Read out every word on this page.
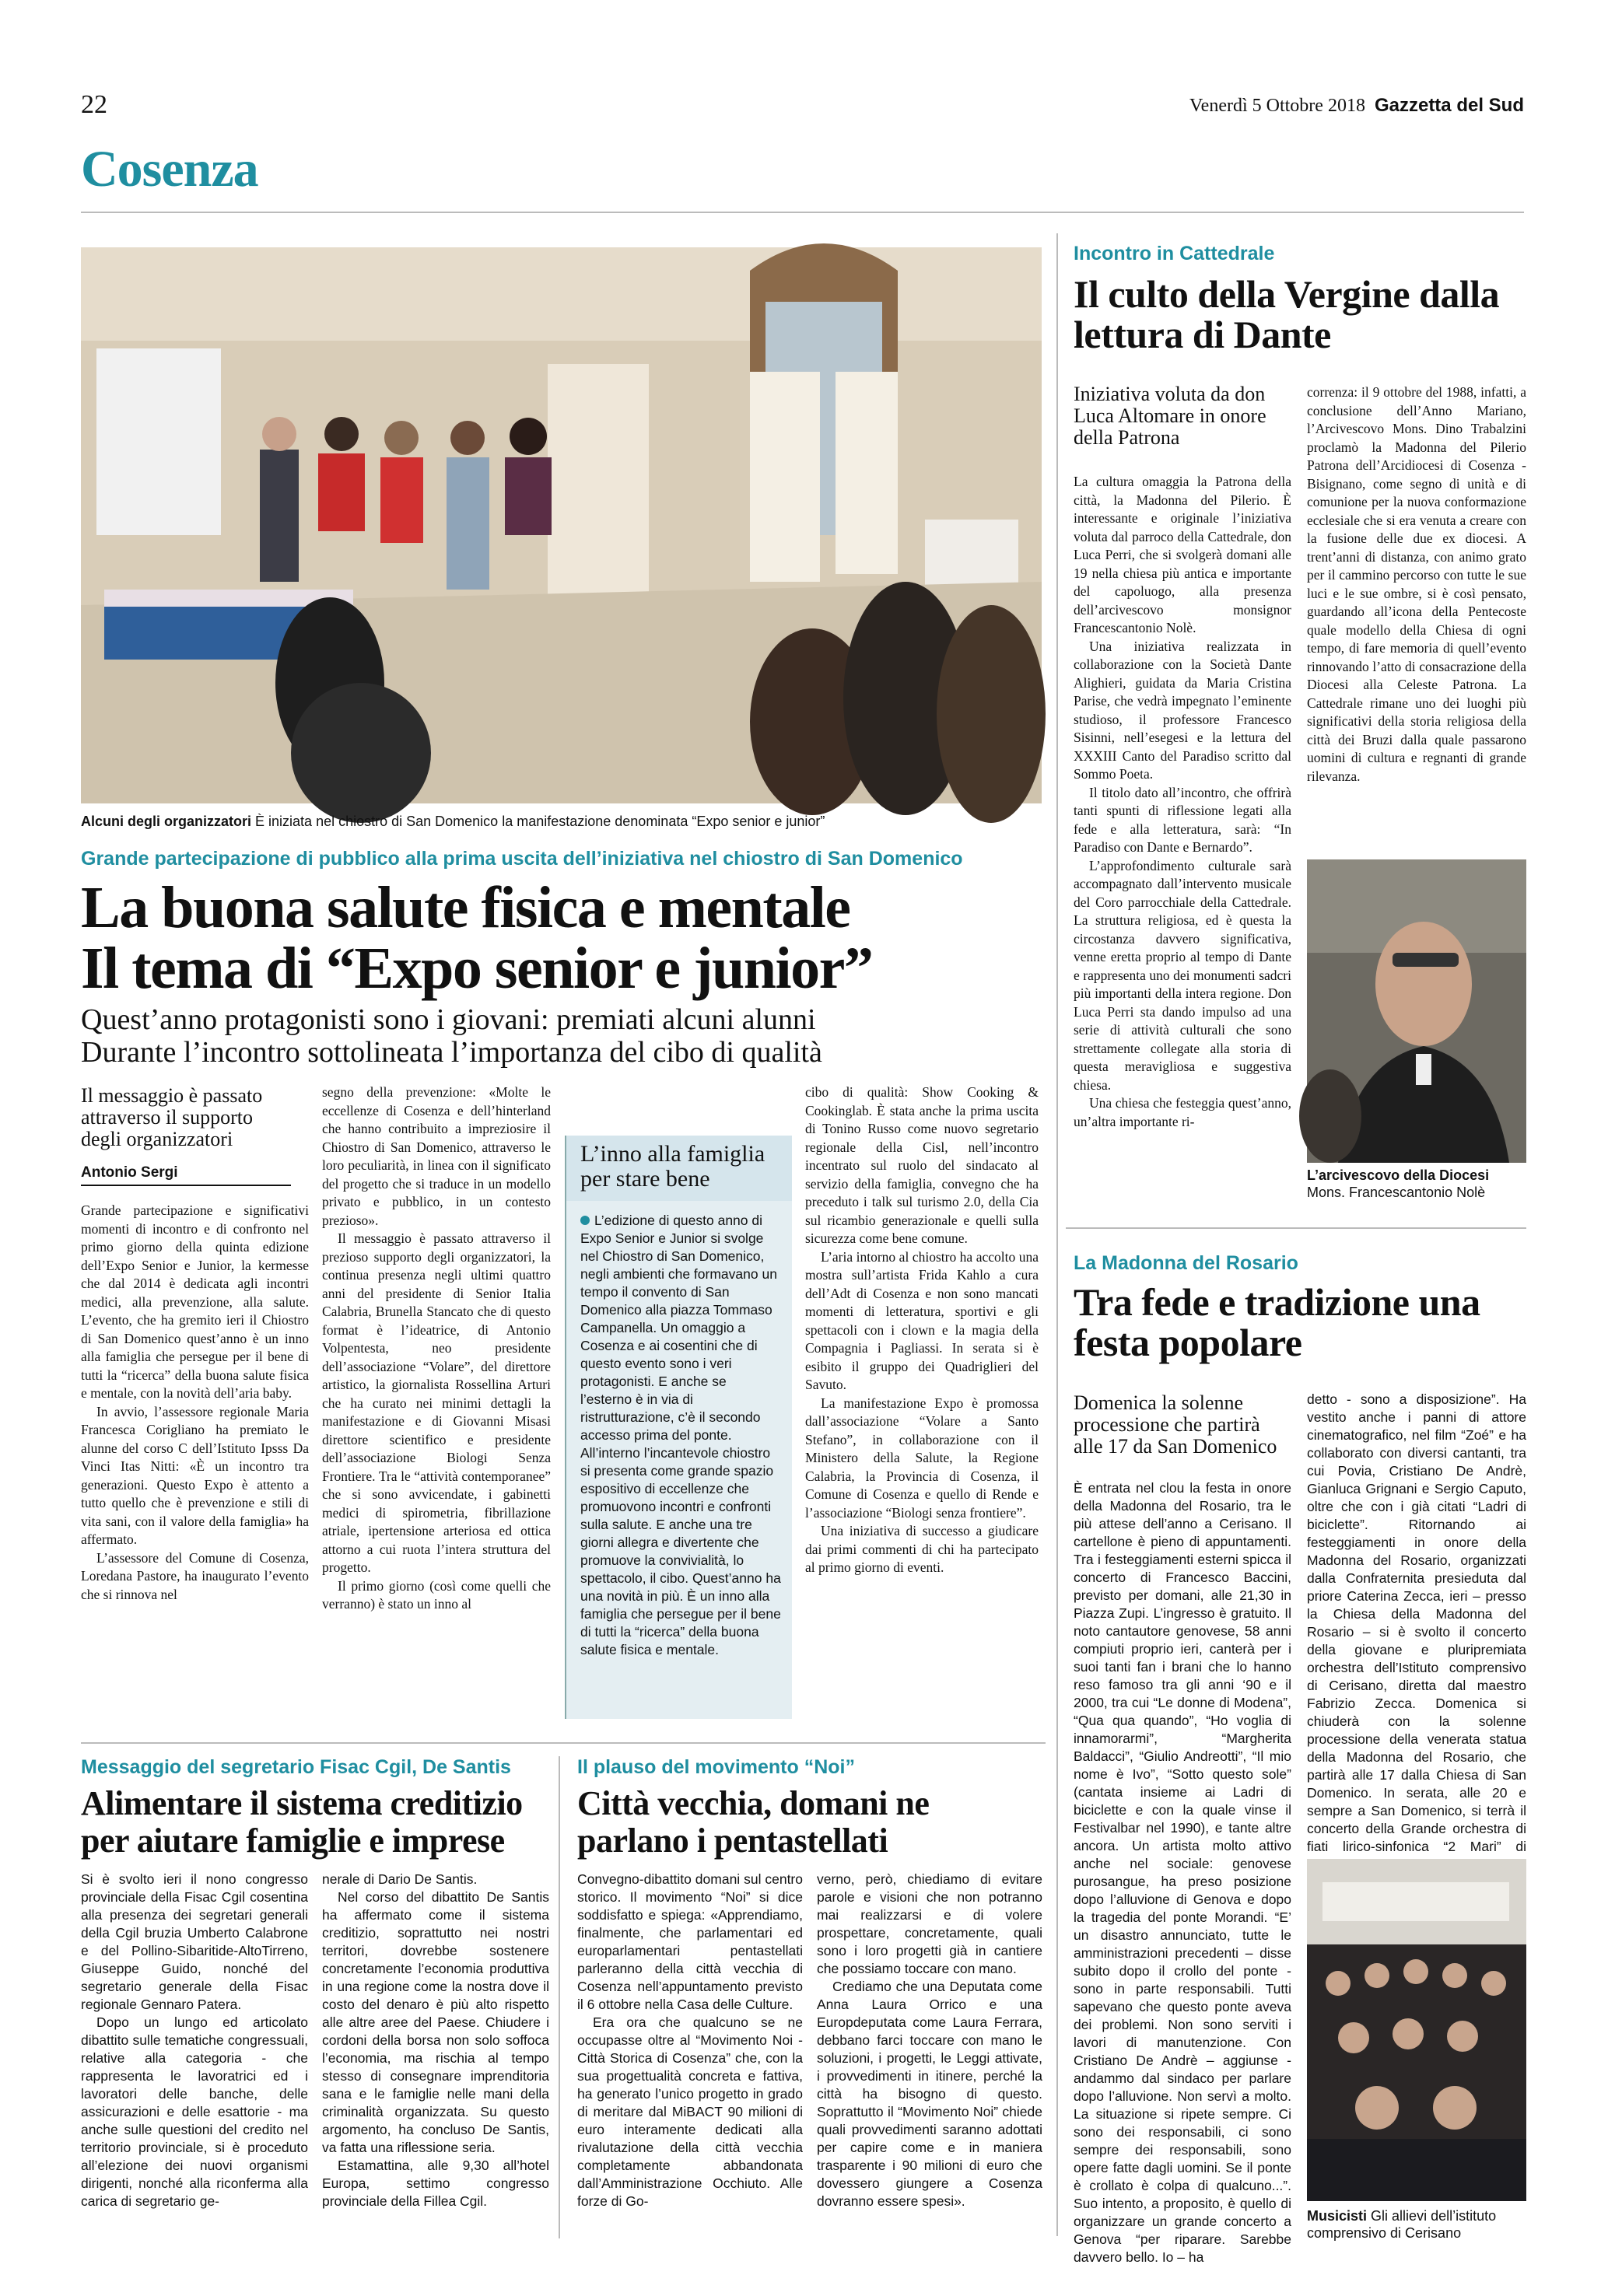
22	Venerdì 5 Ottobre 2018 Gazzetta del Sud
Cosenza
Alcuni degli organizzatori È iniziata nel chiostro di San Domenico la manifestazione denominata “Expo senior e junior”
Grande partecipazione di pubblico alla prima uscita dell’iniziativa nel chiostro di San Domenico
La buona salute fisica e mentale
Il tema di “Expo senior e junior”
Quest’anno protagonisti sono i giovani: premiati alcuni alunni
Durante l’incontro sottolineata l’importanza del cibo di qualità
Il messaggio è passato attraverso il supporto degli organizzatori
Antonio Sergi

Grande partecipazione e significativi momenti di incontro e di confronto nel primo giorno della quinta edizione dell’Expo Senior e Junior, la kermesse che dal 2014 è dedicata agli incontri medici, alla prevenzione, alla salute. L’evento, che ha gremito ieri il Chiostro di San Domenico quest’anno è un inno alla famiglia che persegue per il bene di tutti la “ricerca” della buona salute fisica e mentale, con la novità dell’aria baby.

In avvio, l’assessore regionale Maria Francesca Corigliano ha premiato le alunne del corso C dell’Istituto Ipsss Da Vinci Itas Nitti: «È un incontro tra generazioni. Questo Expo è attento a tutto quello che è prevenzione e stili di vita sani, con il valore della famiglia» ha affermato.

L’assessore del Comune di Cosenza, Loredana Pastore, ha inaugurato l’evento che si rinnova nel

segno della prevenzione: «Molte le eccellenze di Cosenza e dell’hinterland che hanno contribuito a impreziosire il Chiostro di San Domenico, attraverso le loro peculiarità, in linea con il significato del progetto che si traduce in un modello privato e pubblico, in un contesto prezioso».

Il messaggio è passato attraverso il prezioso supporto degli organizzatori, la continua presenza negli ultimi quattro anni del presidente di Senior Italia Calabria, Brunella Stancato che di questo format è l’ideatrice, di Antonio Volpentesta, neo presidente dell’associazione “Volare”, del direttore artistico, la giornalista Rossellina Arturi che ha curato nei minimi dettagli la manifestazione e di Giovanni Misasi direttore scientifico e presidente dell’associazione Biologi Senza Frontiere. Tra le “attività contemporanee” che si sono avvicendate, i gabinetti medici di spirometria, fibrillazione atriale, ipertensione arteriosa ed ottica attorno a cui ruota l’intera struttura del progetto.

Il primo giorno (così come quelli che verranno) è stato un inno al

L’inno alla famiglia per stare bene
L’edizione di questo anno di Expo Senior e Junior si svolge nel Chiostro di San Domenico, negli ambienti che formavano un tempo il convento di San Domenico alla piazza Tommaso Campanella. Un omaggio a Cosenza e ai cosentini che di questo evento sono i veri protagonisti. E anche se l’esterno è in via di ristrutturazione, c’è il secondo accesso prima del ponte. All’interno l’incantevole chiostro si presenta come grande spazio espositivo di eccellenze che promuovono incontri e confronti sulla salute. E anche una tre giorni allegra e divertente che promuove la convivialità, lo spettacolo, il cibo. Quest’anno ha una novità in più. È un inno alla famiglia che persegue per il bene di tutti la “ricerca” della buona salute fisica e mentale.

cibo di qualità: Show Cooking & Cookinglab. È stata anche la prima uscita di Tonino Russo come nuovo segretario regionale della Cisl, nell’incontro incentrato sul ruolo del sindacato al servizio della famiglia, convegno che ha preceduto i talk sul turismo 2.0, della Cia sul ricambio generazionale e quelli sulla sicurezza come bene comune.

L’aria intorno al chiostro ha accolto una mostra sull’artista Frida Kahlo a cura dell’Adt di Cosenza e non sono mancati momenti di letteratura, sportivi e gli spettacoli con i clown e la magia della Compagnia i Pagliassi. In serata si è esibito il gruppo dei Quadriglieri del Savuto.

La manifestazione Expo è promossa dall’associazione “Volare a Santo Stefano”, in collaborazione con il Ministero della Salute, la Regione Calabria, la Provincia di Cosenza, il Comune di Cosenza e quello di Rende e l’associazione “Biologi senza frontiere”.

Una iniziativa di successo a giudicare dai primi commenti di chi ha partecipato al primo giorno di eventi.

Incontro in Cattedrale
Il culto della Vergine dalla lettura di Dante
Iniziativa voluta da don Luca Altomare in onore della Patrona

La cultura omaggia la Patrona della città, la Madonna del Pilerio. È interessante e originale l’iniziativa voluta dal parroco della Cattedrale, don Luca Perri, che si svolgerà domani alle 19 nella chiesa più antica e importante del capoluogo, alla presenza dell’arcivescovo monsignor Francescantonio Nolè.

Una iniziativa realizzata in collaborazione con la Società Dante Alighieri, guidata da Maria Cristina Parise, che vedrà impegnato l’eminente studioso, il professore Francesco Sisinni, nell’esegesi e la lettura del XXXIII Canto del Paradiso scritto dal Sommo Poeta.

Il titolo dato all’incontro, che offrirà tanti spunti di riflessione legati alla fede e alla letteratura, sarà: “In Paradiso con Dante e Bernardo”.

L’approfondimento culturale sarà accompagnato dall’intervento musicale del Coro parrocchiale della Cattedrale. La struttura religiosa, ed è questa la circostanza davvero significativa, venne eretta proprio al tempo di Dante e rappresenta uno dei monumenti sadcri più importanti della intera regione. Don Luca Perri sta dando impulso ad una serie di attività culturali che sono strettamente collegate alla storia di questa meravigliosa e suggestiva chiesa.

Una chiesa che festeggia quest’anno, un’altra importante ri-

correnza: il 9 ottobre del 1988, infatti, a conclusione dell’Anno Mariano, l’Arcivescovo Mons. Dino Trabalzini proclamò la Madonna del Pilerio Patrona dell’Arcidiocesi di Cosenza - Bisignano, come segno di unità e di comunione per la nuova conformazione ecclesiale che si era venuta a creare con la fusione delle due ex diocesi. A trent’anni di distanza, con animo grato per il cammino percorso con tutte le sue luci e le sue ombre, si è così pensato, guardando all’icona della Pentecoste quale modello della Chiesa di ogni tempo, di fare memoria di quell’evento rinnovando l’atto di consacrazione della Diocesi alla Celeste Patrona. La Cattedrale rimane uno dei luoghi più significativi della storia religiosa della città dei Bruzi dalla quale passarono uomini di cultura e regnanti di grande rilevanza.

L’arcivescovo della Diocesi
Mons. Francescantonio Nolè
La Madonna del Rosario
Tra fede e tradizione una festa popolare
Domenica la solenne processione che partirà alle 17 da San Domenico

È entrata nel clou la festa in onore della Madonna del Rosario, tra le più attese dell’anno a Cerisano. Il cartellone è pieno di appuntamenti. Tra i festeggiamenti esterni spicca il concerto di Francesco Baccini, previsto per domani, alle 21,30 in Piazza Zupi. L’ingresso è gratuito. Il noto cantautore genovese, 58 anni compiuti proprio ieri, canterà per i suoi tanti fan i brani che lo hanno reso famoso tra gli anni ‘90 e il 2000, tra cui “Le donne di Modena”, “Qua qua quando”, “Ho voglia di innamorarmi”, “Margherita Baldacci”, “Giulio Andreotti”, “Il mio nome è Ivo”, “Sotto questo sole” (cantata insieme ai Ladri di biciclette e con la quale vinse il Festivalbar nel 1990), e tante altre ancora. Un artista molto attivo anche nel sociale: genovese purosangue, ha preso posizione dopo l’alluvione di Genova e dopo la tragedia del ponte Morandi. “E’ un disastro annunciato, tutte le amministrazioni precedenti – disse subito dopo il crollo del ponte - sono in parte responsabili. Tutti sapevano che questo ponte aveva dei problemi. Non sono serviti i lavori di manutenzione. Con Cristiano De Andrè – aggiunse - andammo dal sindaco per parlare dopo l’alluvione. Non servì a molto. La situazione si ripete sempre. Ci sono dei responsabili, ci sono sempre dei responsabili, sono opere fatte dagli uomini. Se il ponte è crollato è colpa di qualcuno...”. Suo intento, a proposito, è quello di organizzare un grande concerto a Genova “per riparare. Sarebbe davvero bello. Io – ha

detto - sono a disposizione”. Ha vestito anche i panni di attore cinematografico, nel film “Zoé” e ha collaborato con diversi cantanti, tra cui Povia, Cristiano De Andrè, Gianluca Grignani e Sergio Caputo, oltre che con i già citati “Ladri di biciclette”. Ritornando ai festeggiamenti in onore della Madonna del Rosario, organizzati dalla Confraternita presieduta dal priore Caterina Zecca, ieri – presso la Chiesa della Madonna del Rosario – si è svolto il concerto della giovane e pluripremiata orchestra dell’Istituto comprensivo di Cerisano, diretta dal maestro Fabrizio Zecca. Domenica si chiuderà con la solenne processione della venerata statua della Madonna del Rosario, che partirà alle 17 dalla Chiesa di San Domenico. In serata, alle 20 e sempre a San Domenico, si terrà il concerto della Grande orchestra di fiati lirico-sinfonica “2 Mari” di

Musicisti Gli allievi dell’istituto comprensivo di Cerisano
Messaggio del segretario Fisac Cgil, De Santis
Alimentare il sistema creditizio per aiutare famiglie e imprese

Si è svolto ieri il nono congresso provinciale della Fisac Cgil cosentina alla presenza dei segretari generali della Cgil bruzia Umberto Calabrone e del Pollino-Sibaritide-AltoTirreno, Giuseppe Guido, nonché del segretario generale della Fisac regionale Gennaro Patera.

Dopo un lungo ed articolato dibattito sulle tematiche congressuali, relative alla categoria - che rappresenta le lavoratrici ed i lavoratori delle banche, delle assicurazioni e delle esattorie - ma anche sulle questioni del credito nel territorio provinciale, si è proceduto all’elezione dei nuovi organismi dirigenti, nonché alla riconferma alla carica di segretario ge-

nerale di Dario De Santis.

Nel corso del dibattito De Santis ha affermato come il sistema creditizio, soprattutto nei nostri territori, dovrebbe sostenere concretamente l’economia produttiva in una regione come la nostra dove il costo del denaro è più alto rispetto alle altre aree del Paese. Chiudere i cordoni della borsa non solo soffoca l’economia, ma rischia al tempo stesso di consegnare imprenditoria sana e le famiglie nelle mani della criminalità organizzata. Su questo argomento, ha concluso De Santis, va fatta una riflessione seria.

Estamattina, alle 9,30 all’hotel Europa, settimo congresso provinciale della Fillea Cgil.

Il plauso del movimento “Noi”
Città vecchia, domani ne parlano i pentastellati

Convegno-dibattito domani sul centro storico. Il movimento “Noi” si dice soddisfatto e spiega: «Apprendiamo, finalmente, che parlamentari ed europarlamentari pentastellati parleranno della città vecchia di Cosenza nell’appuntamento previsto il 6 ottobre nella Casa delle Culture.

Era ora che qualcuno se ne occupasse oltre al “Movimento Noi - Città Storica di Cosenza” che, con la sua progettualità concreta e fattiva, ha generato l’unico progetto in grado di meritare dal MiBACT 90 milioni di euro interamente dedicati alla rivalutazione della città vecchia completamente abbandonata dall’Amministrazione Occhiuto. Alle forze di Go-

verno, però, chiediamo di evitare parole e visioni che non potranno mai realizzarsi e di volere prospettare, concretamente, quali sono i loro progetti già in cantiere che possiamo toccare con mano.

Crediamo che una Deputata come Anna Laura Orrico e una Europdeputata come Laura Ferrara, debbano farci toccare con mano le soluzioni, i progetti, le Leggi attivate, i provvedimenti in itinere, perché la città ha bisogno di questo. Soprattutto il “Movimento Noi” chiede quali provvedimenti saranno adottati per capire come e in maniera trasparente i 90 milioni di euro che dovessero giungere a Cosenza dovranno essere spesi».
